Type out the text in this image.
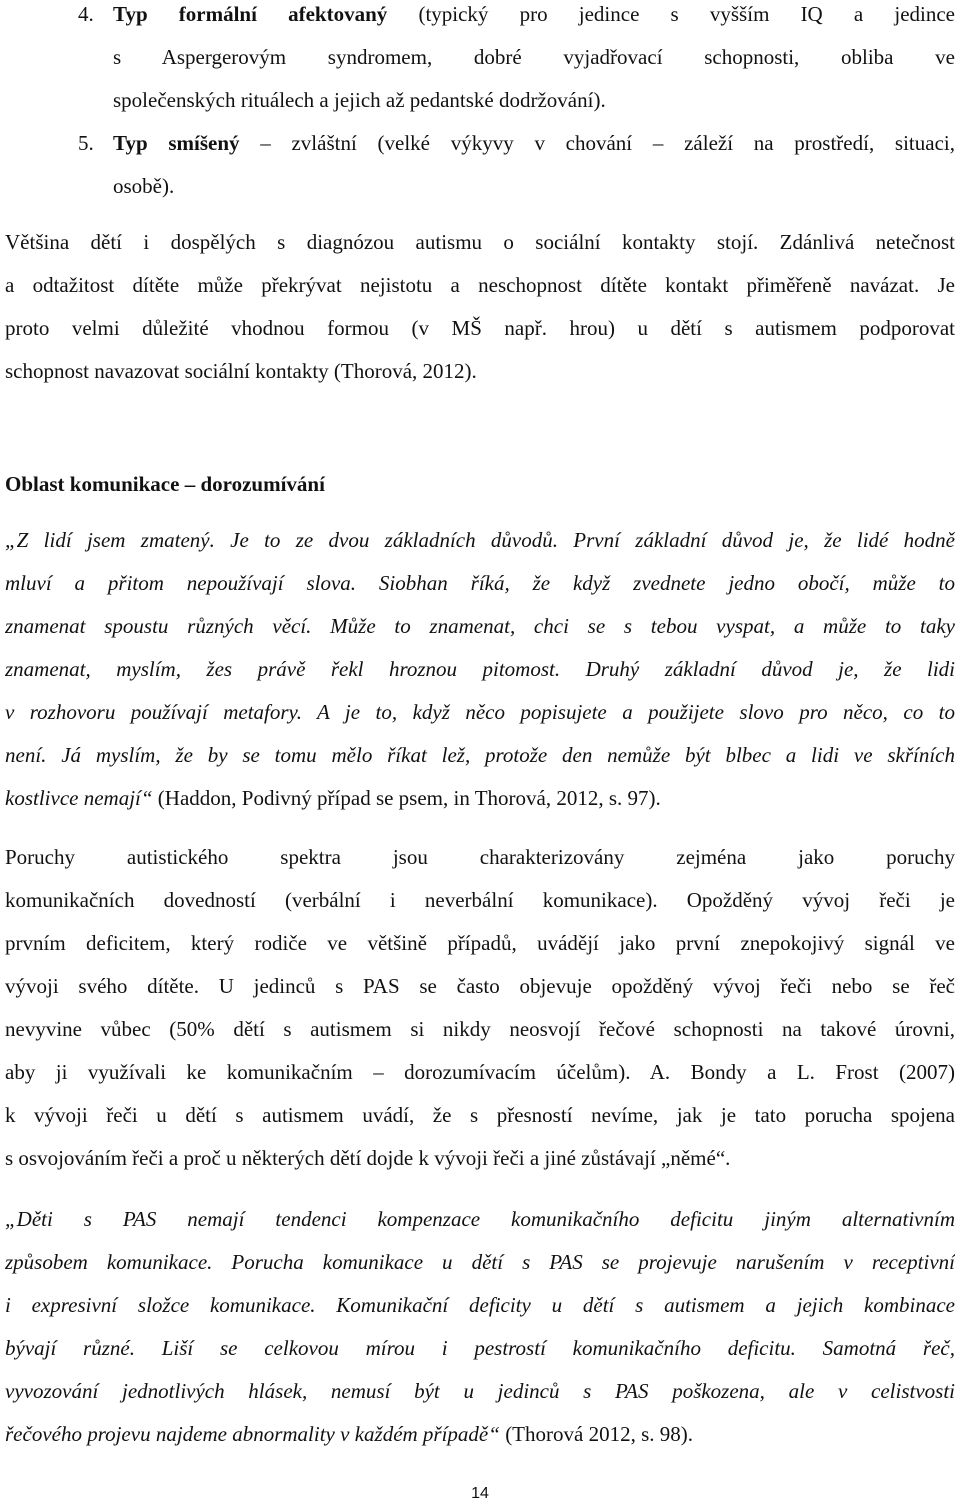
4. Typ formální afektovaný (typický pro jedince s vyšším IQ a jedince
s Aspergerovým syndromem, dobré vyjadřovací schopnosti, obliba ve
společenských rituálech a jejich až pedantské dodržování).
5. Typ smíšený – zvláštní (velké výkyvy v chování – záleží na prostředí, situaci,
osobě).
Většina dětí i dospělých s diagnózou autismu o sociální kontakty stojí. Zdánlivá netečnost
a odtažitost dítěte může překrývat nejistotu a neschopnost dítěte kontakt přiměřeně navázat. Je
proto velmi důležité vhodnou formou (v MŠ např. hrou) u dětí s autismem podporovat
schopnost navazovat sociální kontakty (Thorová, 2012).
Oblast komunikace – dorozumívání
„Z lidí jsem zmatený. Je to ze dvou základních důvodů. První základní důvod je, že lidé hodně
mluví a přitom nepoužívají slova. Siobhan říká, že když zvednete jedno obočí, může to
znamenat spoustu různých věcí. Může to znamenat, chci se s tebou vyspat, a může to taky
znamenat, myslím, žes právě řekl hroznou pitomost. Druhý základní důvod je, že lidi
v rozhovoru používají metafory. A je to, když něco popisujete a použijete slovo pro něco, co to
není. Já myslím, že by se tomu mělo říkat lež, protože den nemůže být blbec a lidi ve skříních
kostlivce nemají“ (Haddon, Podivný případ se psem, in Thorová, 2012, s. 97).
Poruchy autistického spektra jsou charakterizovány zejména jako poruchy
komunikačních dovedností (verbální i neverbální komunikace). Opožděný vývoj řeči je
prvním deficitem, který rodiče ve většině případů, uvádějí jako první znepokojivý signál ve
vývoji svého dítěte. U jedinců s PAS se často objevuje opožděný vývoj řeči nebo se řeč
nevyvine vůbec (50% dětí s autismem si nikdy neosvojí řečové schopnosti na takové úrovni,
aby ji využívali ke komunikačním – dorozumívacím účelům). A. Bondy a L. Frost (2007)
k vývoji řeči u dětí s autismem uvádí, že s přesností nevíme, jak je tato porucha spojena
s osvojováním řeči a proč u některých dětí dojde k vývoji řeči a jiné zůstávají „němé“.
„Děti s PAS nemají tendenci kompenzace komunikačního deficitu jiným alternativním
způsobem komunikace. Porucha komunikace u dětí s PAS se projevuje narušením v receptivní
i expresivní složce komunikace. Komunikační deficity u dětí s autismem a jejich kombinace
bývají různé. Liší se celkovou mírou i pestrostí komunikačního deficitu. Samotná řeč,
vyvozování jednotlivých hlásek, nemusí být u jedinců s PAS poškozena, ale v celistvosti
řečového projevu najdeme abnormality v každém případě“ (Thorová 2012, s. 98).
14
